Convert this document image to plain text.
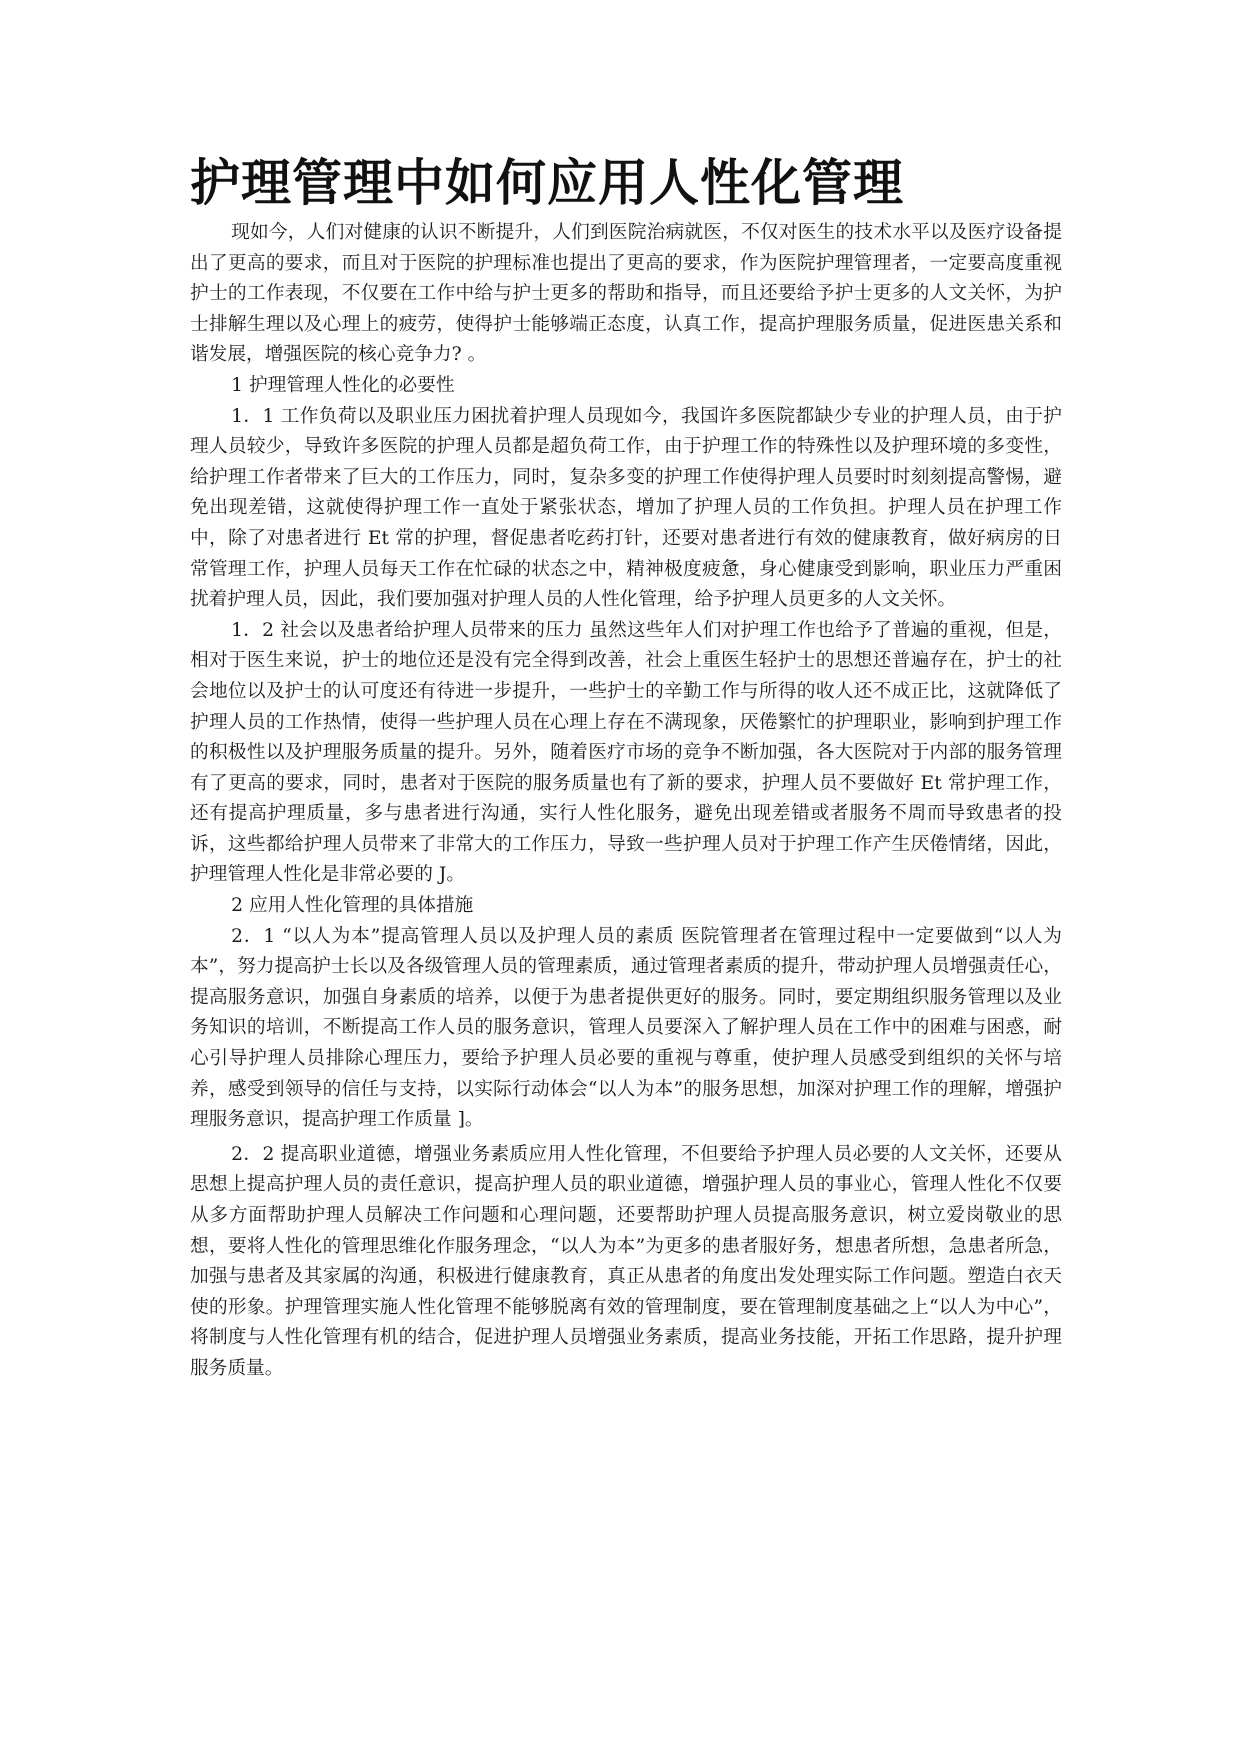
护理管理中如何应用人性化管理

现如今，人们对健康的认识不断提升，人们到医院治病就医，不仅对医生的技术水平以及医疗设备提出了更高的要求，而且对于医院的护理标准也提出了更高的要求，作为医院护理管理者，一定要高度重视护士的工作表现，不仅要在工作中给与护士更多的帮助和指导，而且还要给予护士更多的人文关怀，为护士排解生理以及心理上的疲劳，使得护士能够端正态度，认真工作，提高护理服务质量，促进医患关系和谐发展，增强医院的核心竞争力? 。

1 护理管理人性化的必要性

1．1 工作负荷以及职业压力困扰着护理人员现如今，我国许多医院都缺少专业的护理人员，由于护理人员较少，导致许多医院的护理人员都是超负荷工作，由于护理工作的特殊性以及护理环境的多变性，给护理工作者带来了巨大的工作压力，同时，复杂多变的护理工作使得护理人员要时时刻刻提高警惕，避免出现差错，这就使得护理工作一直处于紧张状态，增加了护理人员的工作负担。护理人员在护理工作中，除了对患者进行 Et 常的护理，督促患者吃药打针，还要对患者进行有效的健康教育，做好病房的日常管理工作，护理人员每天工作在忙碌的状态之中，精神极度疲惫，身心健康受到影响，职业压力严重困扰着护理人员，因此，我们要加强对护理人员的人性化管理，给予护理人员更多的人文关怀。

1．2 社会以及患者给护理人员带来的压力 虽然这些年人们对护理工作也给予了普遍的重视，但是，相对于医生来说，护士的地位还是没有完全得到改善，社会上重医生轻护士的思想还普遍存在，护士的社会地位以及护士的认可度还有待进一步提升，一些护士的辛勤工作与所得的收人还不成正比，这就降低了护理人员的工作热情，使得一些护理人员在心理上存在不满现象，厌倦繁忙的护理职业，影响到护理工作的积极性以及护理服务质量的提升。另外，随着医疗市场的竞争不断加强，各大医院对于内部的服务管理有了更高的要求，同时，患者对于医院的服务质量也有了新的要求，护理人员不要做好 Et 常护理工作，还有提高护理质量，多与患者进行沟通，实行人性化服务，避免出现差错或者服务不周而导致患者的投诉，这些都给护理人员带来了非常大的工作压力，导致一些护理人员对于护理工作产生厌倦情绪，因此，护理管理人性化是非常必要的 J。

2 应用人性化管理的具体措施

2．1 “以人为本”提高管理人员以及护理人员的素质 医院管理者在管理过程中一定要做到“以人为本”，努力提高护士长以及各级管理人员的管理素质，通过管理者素质的提升，带动护理人员增强责任心，提高服务意识，加强自身素质的培养，以便于为患者提供更好的服务。同时，要定期组织服务管理以及业务知识的培训，不断提高工作人员的服务意识，管理人员要深入了解护理人员在工作中的困难与困惑，耐心引导护理人员排除心理压力，要给予护理人员必要的重视与尊重，使护理人员感受到组织的关怀与培养，感受到领导的信任与支持，以实际行动体会“以人为本”的服务思想，加深对护理工作的理解，增强护理服务意识，提高护理工作质量 ]。

2．2 提高职业道德，增强业务素质应用人性化管理，不但要给予护理人员必要的人文关怀，还要从思想上提高护理人员的责任意识，提高护理人员的职业道德，增强护理人员的事业心，管理人性化不仅要从多方面帮助护理人员解决工作问题和心理问题，还要帮助护理人员提高服务意识，树立爱岗敬业的思想，要将人性化的管理思维化作服务理念，“以人为本”为更多的患者服好务，想患者所想，急患者所急，加强与患者及其家属的沟通，积极进行健康教育，真正从患者的角度出发处理实际工作问题。塑造白衣天使的形象。护理管理实施人性化管理不能够脱离有效的管理制度，要在管理制度基础之上“以人为中心”，将制度与人性化管理有机的结合，促进护理人员增强业务素质，提高业务技能，开拓工作思路，提升护理服务质量。
